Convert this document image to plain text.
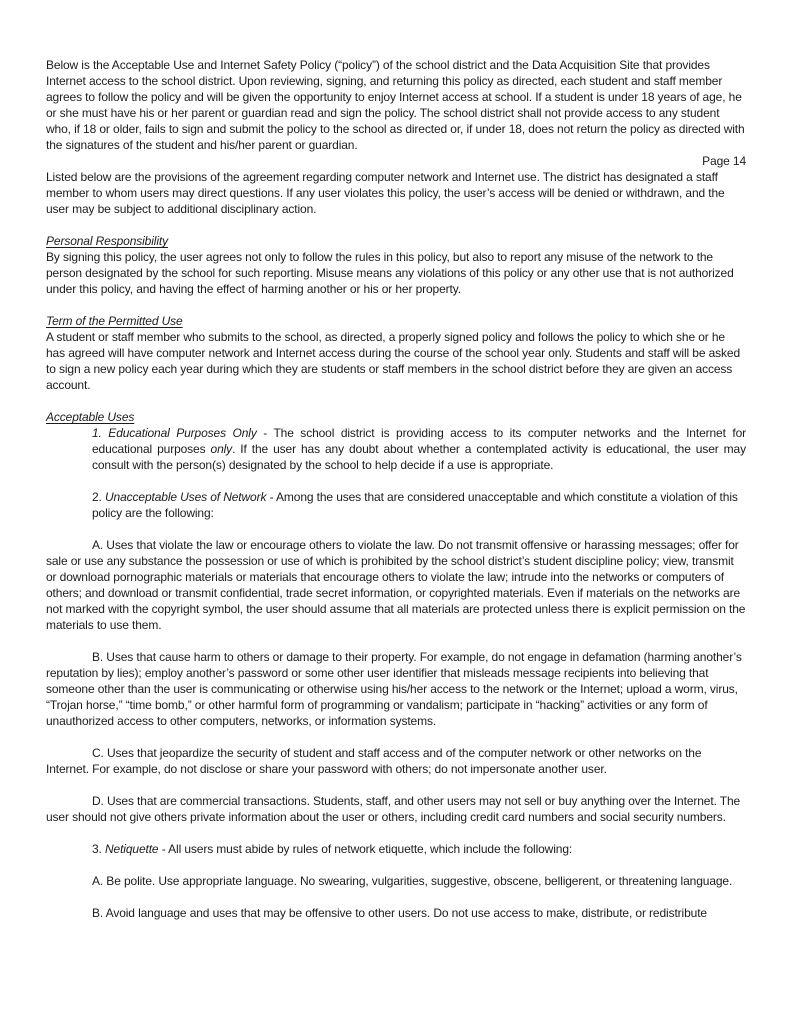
Below is the Acceptable Use and Internet Safety Policy (“policy”) of the school district and the Data Acquisition Site that provides Internet access to the school district. Upon reviewing, signing, and returning this policy as directed, each student and staff member agrees to follow the policy and will be given the opportunity to enjoy Internet access at school. If a student is under 18 years of age, he or she must have his or her parent or guardian read and sign the policy. The school district shall not provide access to any student who, if 18 or older, fails to sign and submit the policy to the school as directed or, if under 18, does not return the policy as directed with the signatures of the student and his/her parent or guardian.

Page 14

Listed below are the provisions of the agreement regarding computer network and Internet use. The district has designated a staff member to whom users may direct questions. If any user violates this policy, the user’s access will be denied or withdrawn, and the user may be subject to additional disciplinary action.

Personal Responsibility

By signing this policy, the user agrees not only to follow the rules in this policy, but also to report any misuse of the network to the person designated by the school for such reporting. Misuse means any violations of this policy or any other use that is not authorized under this policy, and having the effect of harming another or his or her property.

Term of the Permitted Use

A student or staff member who submits to the school, as directed, a properly signed policy and follows the policy to which she or he has agreed will have computer network and Internet access during the course of the school year only. Students and staff will be asked to sign a new policy each year during which they are students or staff members in the school district before they are given an access account.

Acceptable Uses
1. Educational Purposes Only - The school district is providing access to its computer networks and the Internet for educational purposes only. If the user has any doubt about whether a contemplated activity is educational, the user may consult with the person(s) designated by the school to help decide if a use is appropriate.
2. Unacceptable Uses of Network - Among the uses that are considered unacceptable and which constitute a violation of this policy are the following:

A. Uses that violate the law or encourage others to violate the law. Do not transmit offensive or harassing messages; offer for sale or use any substance the possession or use of which is prohibited by the school district’s student discipline policy; view, transmit or download pornographic materials or materials that encourage others to violate the law; intrude into the networks or computers of others; and download or transmit confidential, trade secret information, or copyrighted materials. Even if materials on the networks are not marked with the copyright symbol, the user should assume that all materials are protected unless there is explicit permission on the materials to use them.

B. Uses that cause harm to others or damage to their property. For example, do not engage in defamation (harming another’s reputation by lies); employ another’s password or some other user identifier that misleads message recipients into believing that someone other than the user is communicating or otherwise using his/her access to the network or the Internet; upload a worm, virus, “Trojan horse,” “time bomb,” or other harmful form of programming or vandalism; participate in “hacking” activities or any form of unauthorized access to other computers, networks, or information systems.

C. Uses that jeopardize the security of student and staff access and of the computer network or other networks on the Internet. For example, do not disclose or share your password with others; do not impersonate another user.

D. Uses that are commercial transactions. Students, staff, and other users may not sell or buy anything over the Internet. The user should not give others private information about the user or others, including credit card numbers and social security numbers.

3. Netiquette - All users must abide by rules of network etiquette, which include the following:
A. Be polite. Use appropriate language. No swearing, vulgarities, suggestive, obscene, belligerent, or threatening language.
B. Avoid language and uses that may be offensive to other users. Do not use access to make, distribute, or redistribute
